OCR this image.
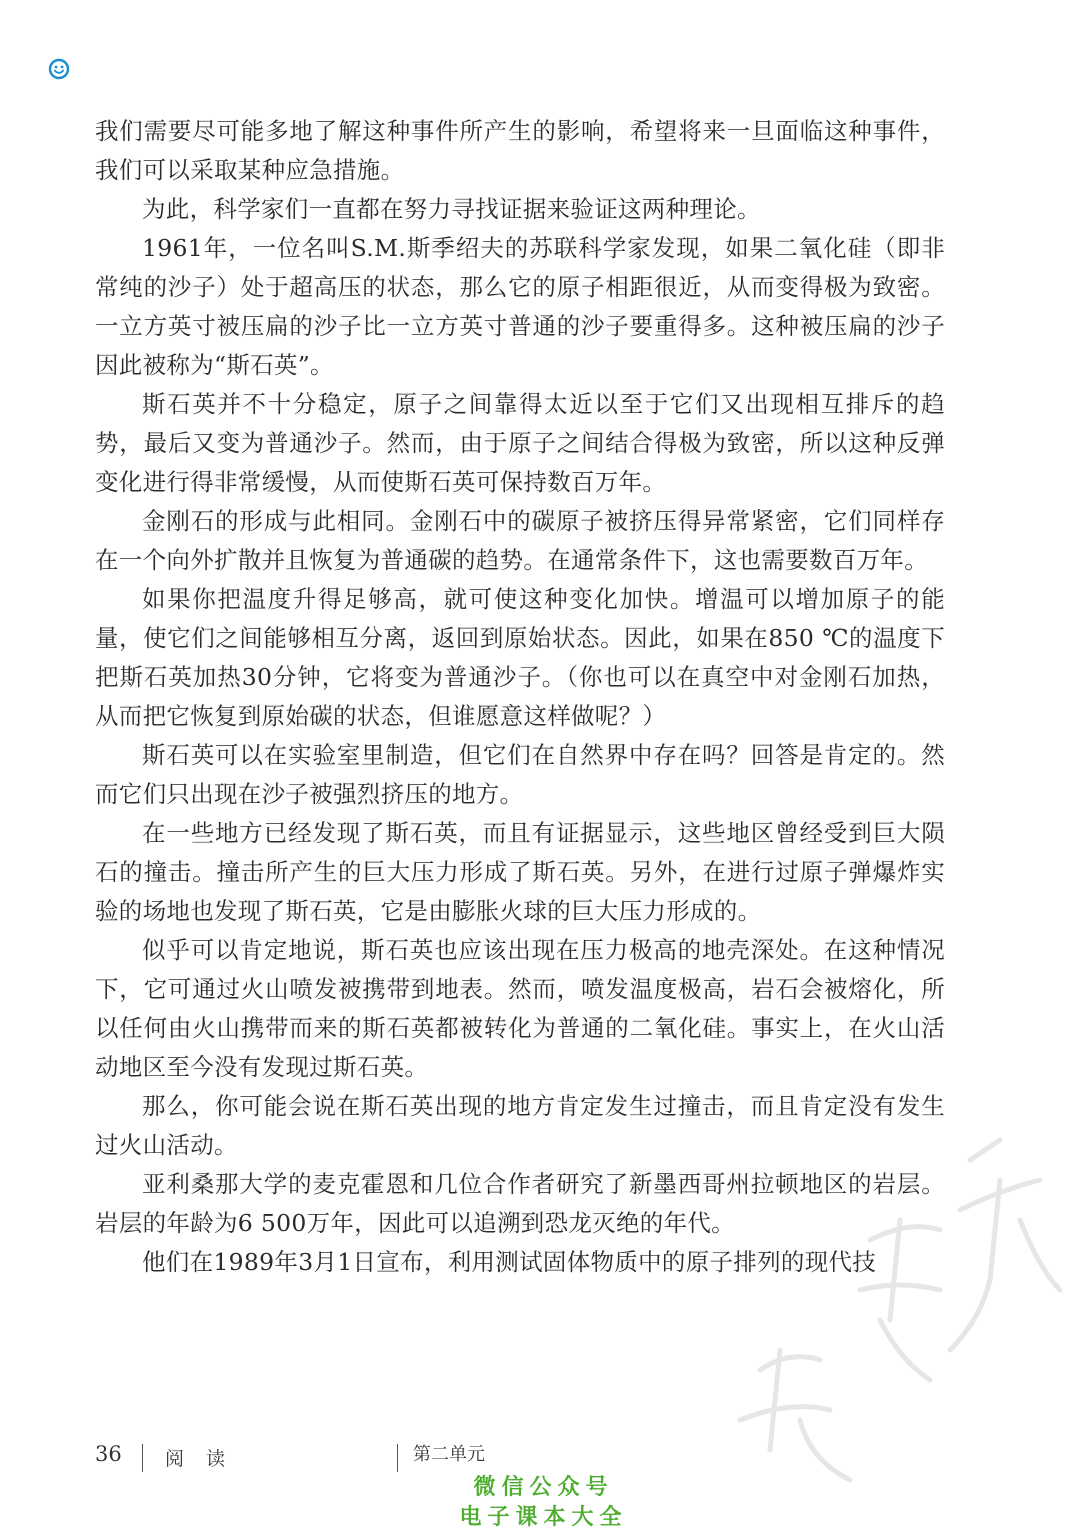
我们需要尽可能多地了解这种事件所产生的影响，希望将来一旦面临这种事件，我们可以采取某种应急措施。

为此，科学家们一直都在努力寻找证据来验证这两种理论。

1961年，一位名叫S.M.斯季绍夫的苏联科学家发现，如果二氧化硅（即非常纯的沙子）处于超高压的状态，那么它的原子相距很近，从而变得极为致密。一立方英寸被压扁的沙子比一立方英寸普通的沙子要重得多。这种被压扁的沙子因此被称为“斯石英”。

斯石英并不十分稳定，原子之间靠得太近以至于它们又出现相互排斥的趋势，最后又变为普通沙子。然而，由于原子之间结合得极为致密，所以这种反弹变化进行得非常缓慢，从而使斯石英可保持数百万年。

金刚石的形成与此相同。金刚石中的碳原子被挤压得异常紧密，它们同样存在一个向外扩散并且恢复为普通碳的趋势。在通常条件下，这也需要数百万年。

如果你把温度升得足够高，就可使这种变化加快。增温可以增加原子的能量，使它们之间能够相互分离，返回到原始状态。因此，如果在850 ℃的温度下把斯石英加热30分钟，它将变为普通沙子。（你也可以在真空中对金刚石加热，从而把它恢复到原始碳的状态，但谁愿意这样做呢？）

斯石英可以在实验室里制造，但它们在自然界中存在吗？回答是肯定的。然而它们只出现在沙子被强烈挤压的地方。

在一些地方已经发现了斯石英，而且有证据显示，这些地区曾经受到巨大陨石的撞击。撞击所产生的巨大压力形成了斯石英。另外，在进行过原子弹爆炸实验的场地也发现了斯石英，它是由膨胀火球的巨大压力形成的。

似乎可以肯定地说，斯石英也应该出现在压力极高的地壳深处。在这种情况下，它可通过火山喷发被携带到地表。然而，喷发温度极高，岩石会被熔化，所以任何由火山携带而来的斯石英都被转化为普通的二氧化硅。事实上，在火山活动地区至今没有发现过斯石英。

那么，你可能会说在斯石英出现的地方肯定发生过撞击，而且肯定没有发生过火山活动。

亚利桑那大学的麦克霍恩和几位合作者研究了新墨西哥州拉顿地区的岩层。岩层的年龄为6 500万年，因此可以追溯到恐龙灭绝的年代。

他们在1989年3月1日宣布，利用测试固体物质中的原子排列的现代技

36 阅 读	第二单元
微信公众号
电子课本大全
